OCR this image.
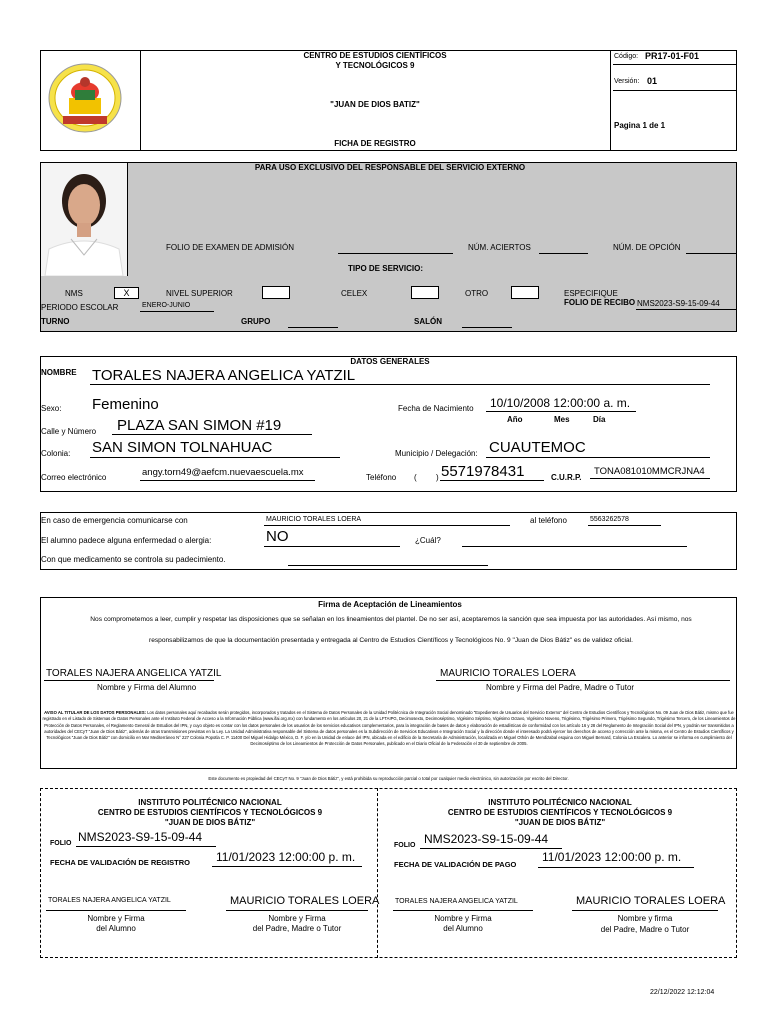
CENTRO DE ESTUDIOS CIENTÍFICOS
Y TECNOLÓGICOS 9
"JUAN DE DIOS BATIZ"
FICHA DE REGISTRO
Código: PR17-01-F01
Versión: 01
Pagina 1 de 1
PARA USO EXCLUSIVO DEL RESPONSABLE DEL SERVICIO EXTERNO
FOLIO DE EXAMEN DE ADMISIÓN	NÚM. ACIERTOS	NÚM. DE OPCIÓN
TIPO DE SERVICIO:
NMS	X	NIVEL SUPERIOR	CELEX	OTRO	ESPECIFIQUE
PERIODO ESCOLAR	ENERO-JUNIO	FOLIO DE RECIBO NMS2023-S9-15-09-44
TURNO	GRUPO	SALÓN
DATOS GENERALES
NOMBRE TORALES NAJERA ANGELICA YATZIL
Sexo: Femenino	Fecha de Nacimiento 10/10/2008 12:00:00 a. m.
Año	Mes	Día
Calle y Número PLAZA SAN SIMON #19
Colonia: SAN SIMON TOLNAHUAC	Municipio / Delegación: CUAUTEMOC
Correo electrónico	angy.torn49@aefcm.nuevaescuela.mx	Teléfono ( ) 5571978431	C.U.R.P.
TONA081010MMCRJNA4
En caso de emergencia comunicarse con	MAURICIO TORALES LOERA	al teléfono	5563262578
El alumno padece alguna enfermedad o alergia:	NO	¿Cuál?
Con que medicamento se controla su padecimiento.
Firma de Aceptación de Lineamientos
Nos comprometemos a leer, cumplir y respetar las disposiciones que se señalan en los lineamientos del plantel. De no ser así, aceptaremos la sanción que sea impuesta por las autoridades. Así mismo, nos
responsabilizamos de que la documentación presentada y entregada al Centro de Estudios Científicos y Tecnológicos No. 9 "Juan de Dios Bátiz" es de validez oficial.
TORALES NAJERA ANGELICA YATZIL
Nombre y Firma del Alumno
MAURICIO TORALES LOERA
Nombre y Firma del Padre, Madre o Tutor
AVISO AL TITULAR DE LOS DATOS PERSONALES: Los datos personales aquí recabados serán protegidos, incorporados y tratados en el Sistema de Datos Personales de la Unidad Politécnica de Integración Social denominado "Expedientes de Usuarios del Servicio Externo" del Centro de Estudios Científicos y Tecnológicos No. 09 Juan de Dios Bátiz, mismo que fue registrado en el Listado de Sistemas de Datos Personales ante el Instituto Federal de Acceso a la Información Pública (www.ifai.org.mx) con fundamento en los artículos 20, 21 de la LFTAIPG, Decimosexto, Decimoséptimo, Vigésimo Séptimo, Vigésimo Octavo, Vigésimo Noveno, Trigésimo, Trigésimo Primero, Trigésimo Segundo, Trigésimo Tercero, de los Lineamientos de Protección de Datos Personales, el Reglamento General de Estudios del IPN, y cuyo objeto es contar con los datos personales de los usuarios de los servicios educativos complementarios, para la integración de bases de datos y elaboración de estadísticas de conformidad con los artículo 16 y 28 del Reglamento de Integración Social del IPN, y podrán ser transmitidos a autoridades del CECyT "Juan de Dios Bátiz", además de otras transmisiones previstas en la Ley. La Unidad Administrativa responsable del Sistema de datos personales es la Subdirección de Servicios Educativos e Integración Social y la dirección donde el interesado podrá ejercer los derechos de acceso y corrección ante la misma, es el Centro de Estudios Científicos y Tecnológicos "Juan de Dios Bátiz" con domicilio en Mar Mediterráneo N° 227 Colonia Popotla C. P. 11400 Del Miguel Hidalgo México, D. F. y/o en la Unidad de enlace del IPN, ubicada en el edificio de la Secretaría de Administración, localizada en Miguel Othón de Mendizabal esquina con Miguel Bernard, Colonia La Escalera. Lo anterior se informa en cumplimiento del Decimoséptimo de los Lineamientos de Protección de Datos Personales, publicado en el Diario Oficial de la Federación el 30 de septiembre de 2005.
Este documento es propiedad del CECyT No. 9 "Juan de Dios Bátiz", y está prohibida su reproducción parcial o total por cualquier medio electrónico, sin autorización por escrito del Director.
INSTITUTO POLITÉCNICO NACIONAL
CENTRO DE ESTUDIOS CIENTÍFICOS Y TECNOLÓGICOS 9
"JUAN DE DIOS BÁTIZ"
FOLIO NMS2023-S9-15-09-44
FECHA DE VALIDACIÓN DE REGISTRO 11/01/2023 12:00:00 p. m.
TORALES NAJERA ANGELICA YATZIL
Nombre y Firma
del Alumno
MAURICIO TORALES LOERA
Nombre y Firma
del Padre, Madre o Tutor
INSTITUTO POLITÉCNICO NACIONAL
CENTRO DE ESTUDIOS CIENTÍFICOS Y TECNOLÓGICOS 9
"JUAN DE DIOS BÁTIZ"
FOLIO NMS2023-S9-15-09-44
FECHA DE VALIDACIÓN DE PAGO
11/01/2023 12:00:00 p. m.
TORALES NAJERA ANGELICA YATZIL
Nombre y Firma
del Alumno
MAURICIO TORALES LOERA
Nombre y firma
del Padre, Madre o Tutor
22/12/2022 12:12:04
